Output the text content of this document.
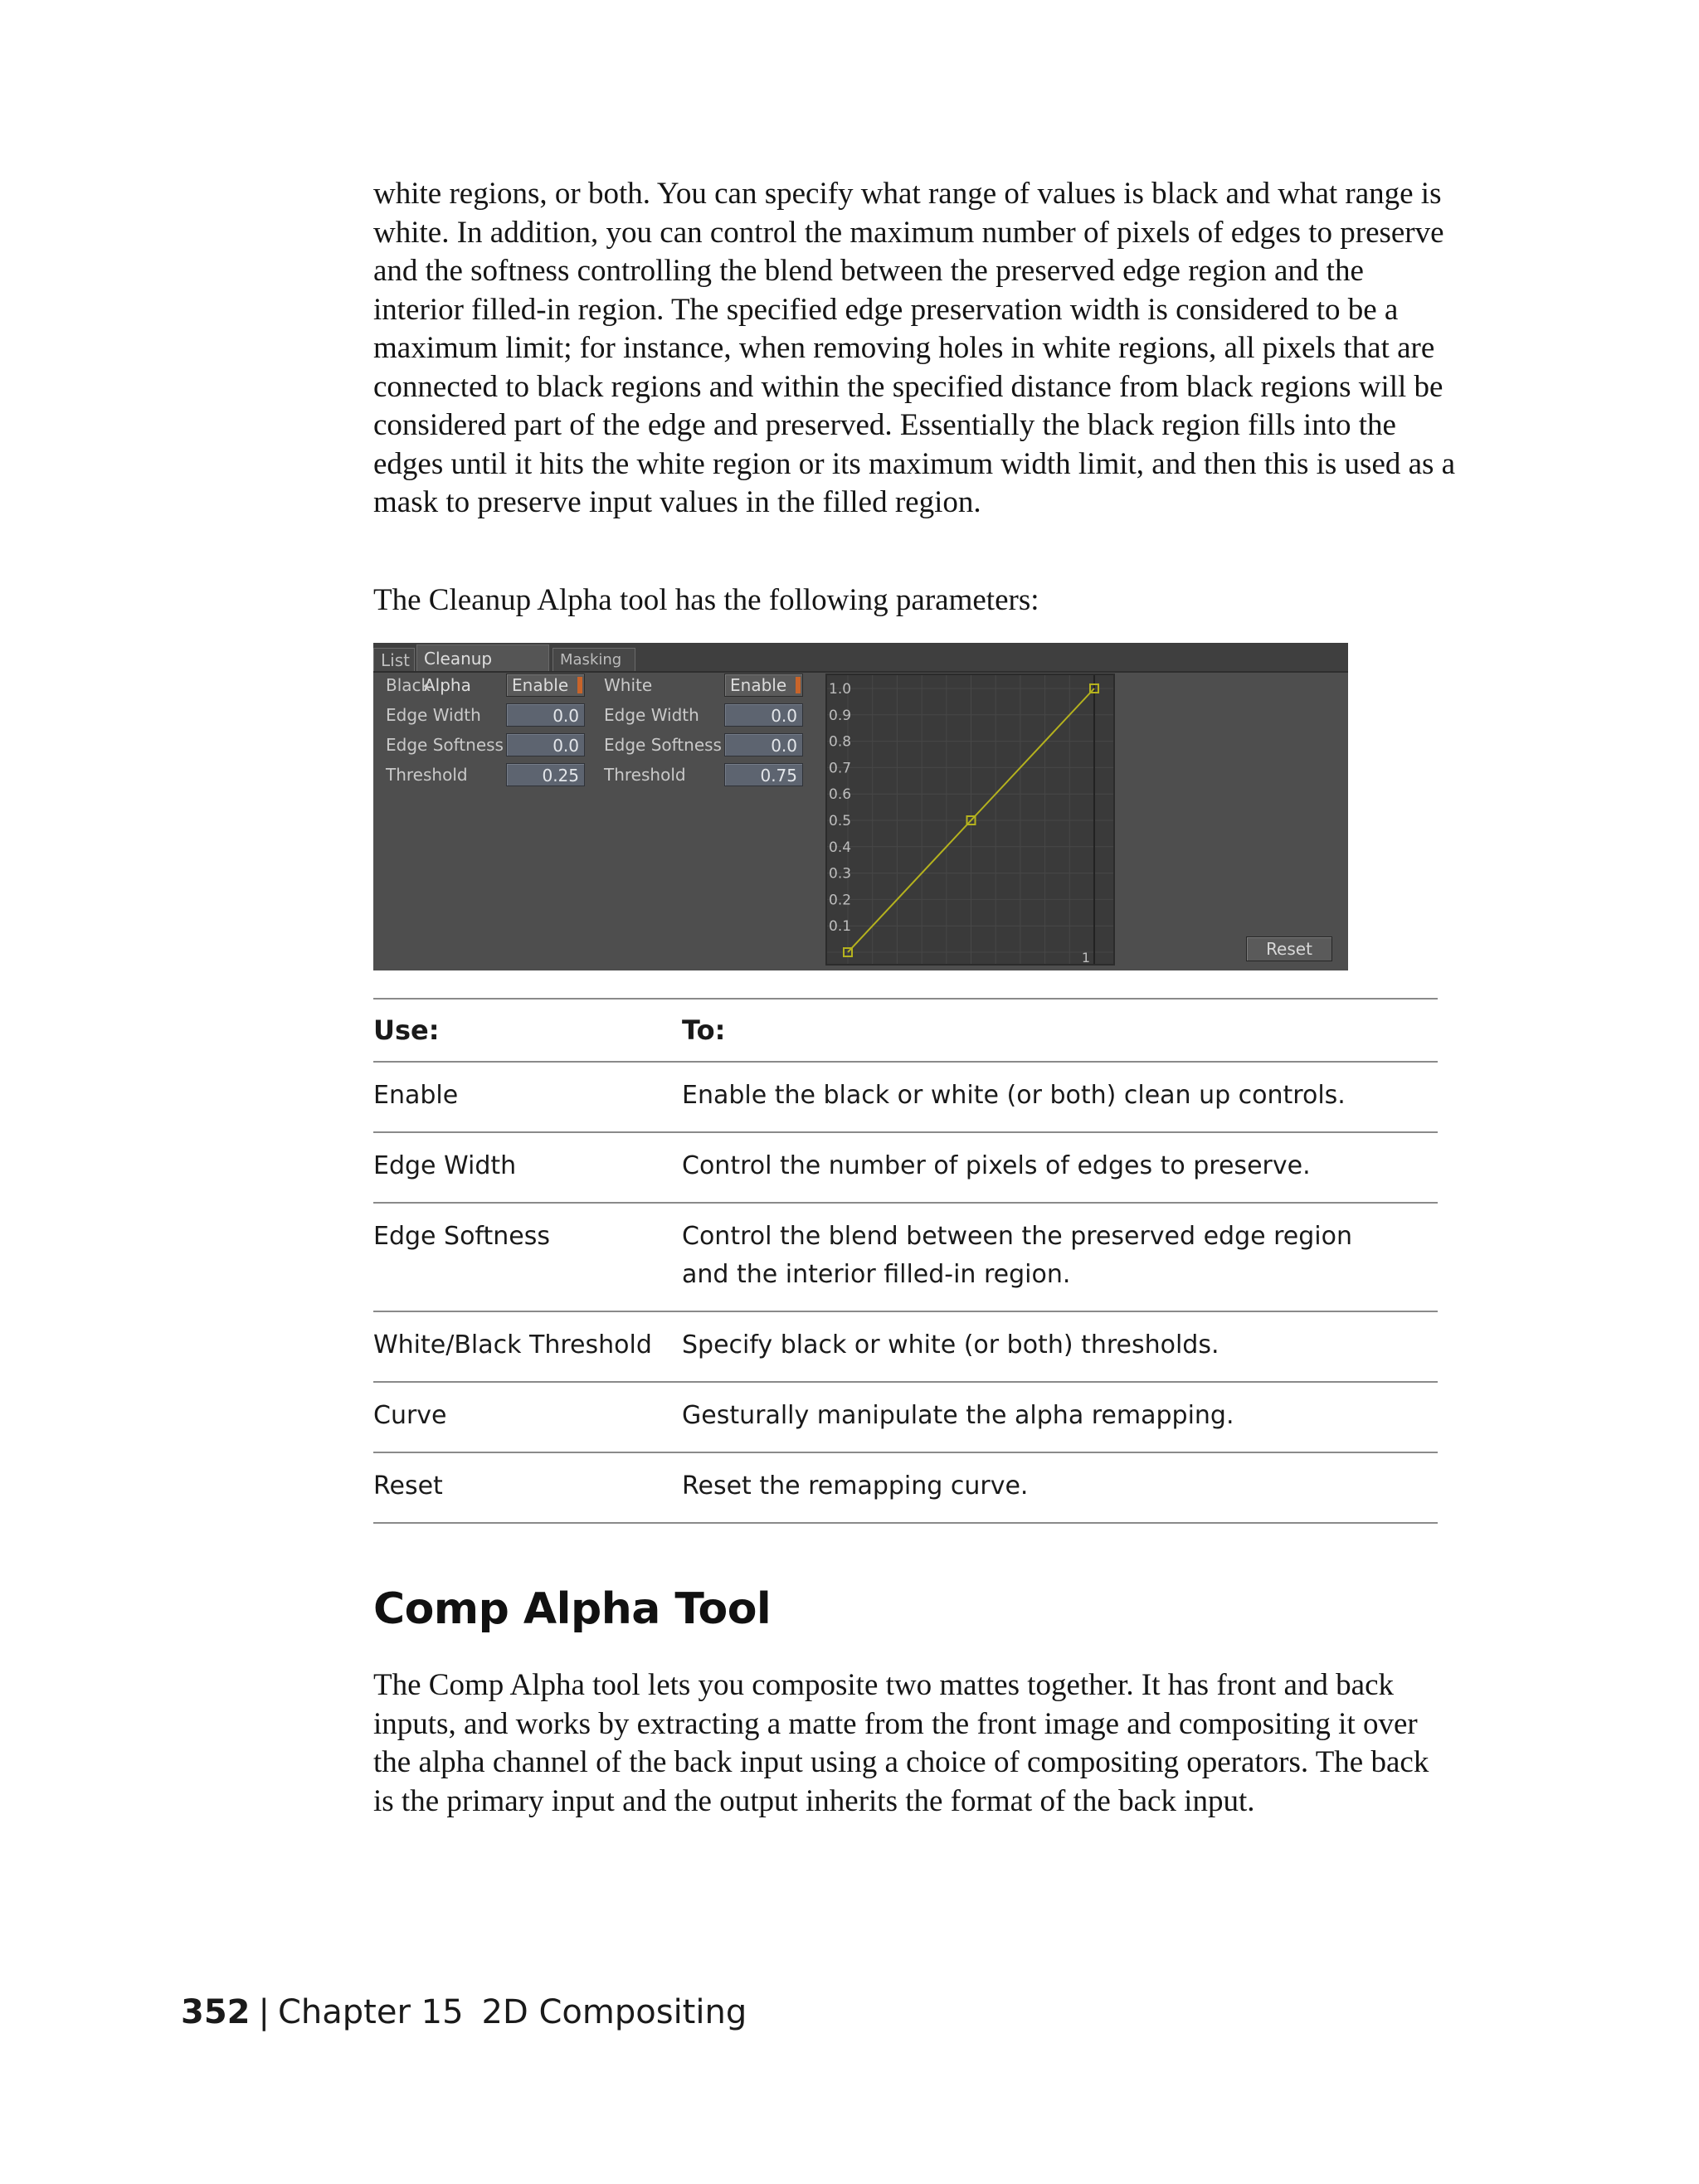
white regions, or both. You can specify what range of values is black and what range is white. In addition, you can control the maximum number of pixels of edges to preserve and the softness controlling the blend between the preserved edge region and the interior filled-in region. The specified edge preservation width is considered to be a maximum limit; for instance, when removing holes in white regions, all pixels that are connected to black regions and within the specified distance from black regions will be considered part of the edge and preserved. Essentially the black region fills into the edges until it hits the white region or its maximum width limit, and then this is used as a mask to preserve input values in the filled region.

The Cleanup Alpha tool has the following parameters:

List Cleanup Alpha
Masking
Black	Enable
Edge Width	0.0
Edge Softness	0.0
Threshold	0.25
White	Enable
Edge Width	0.0
Edge Softness	0.0
Threshold	0.75
1.0
0.9
0.8
0.7
0.6
0.5
0.4
0.3
0.2
0.1
1	Reset
Use:	To:
Enable	Enable the black or white (or both) clean up controls.
Edge Width	Control the number of pixels of edges to preserve.
Edge Softness	Control the blend between the preserved edge region and the interior filled-in region.
White/Black Threshold	Specify black or white (or both) thresholds.
Curve	Gesturally manipulate the alpha remapping.
Reset	Reset the remapping curve.
Comp Alpha Tool

The Comp Alpha tool lets you composite two mattes together. It has front and back inputs, and works by extracting a matte from the front image and compositing it over the alpha channel of the back input using a choice of compositing operators. The back is the primary input and the output inherits the format of the back input.

352 | Chapter 15 2D Compositing
